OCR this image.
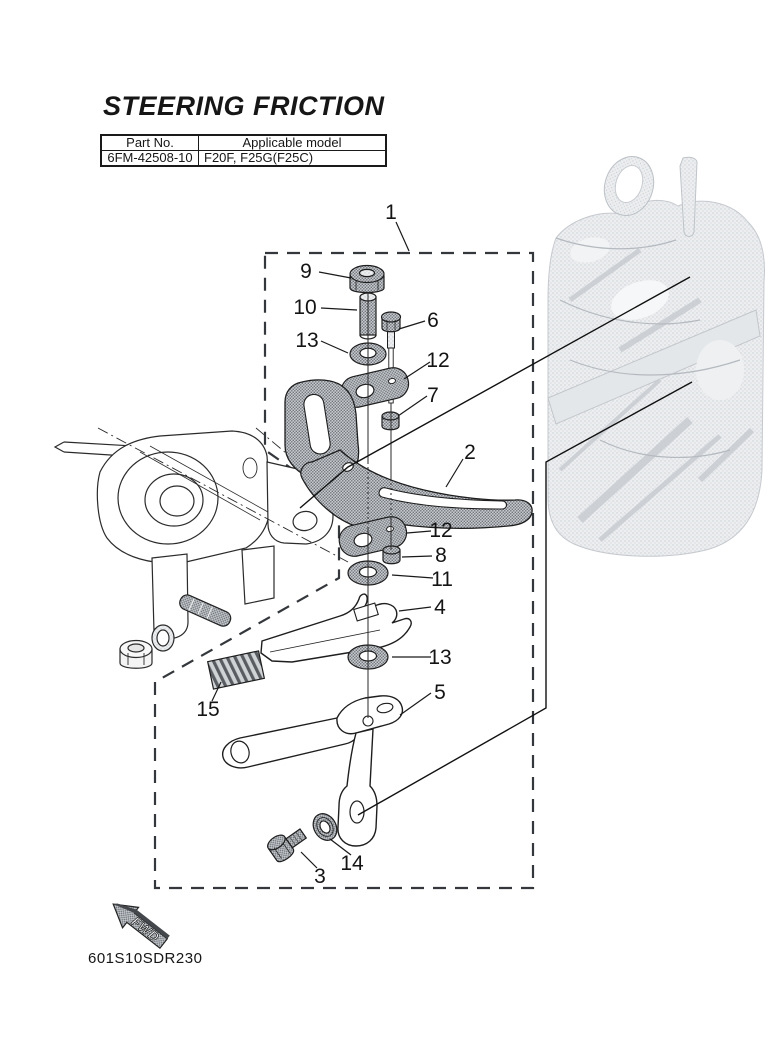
STEERING FRICTION
Part No.	Applicable model
6FM-42508-10	F20F, F25G(F25C)
FWD
1
9
10
6
13
12
7
2
12
8
11
4
13
15
5
14
3
601S10SDR230
